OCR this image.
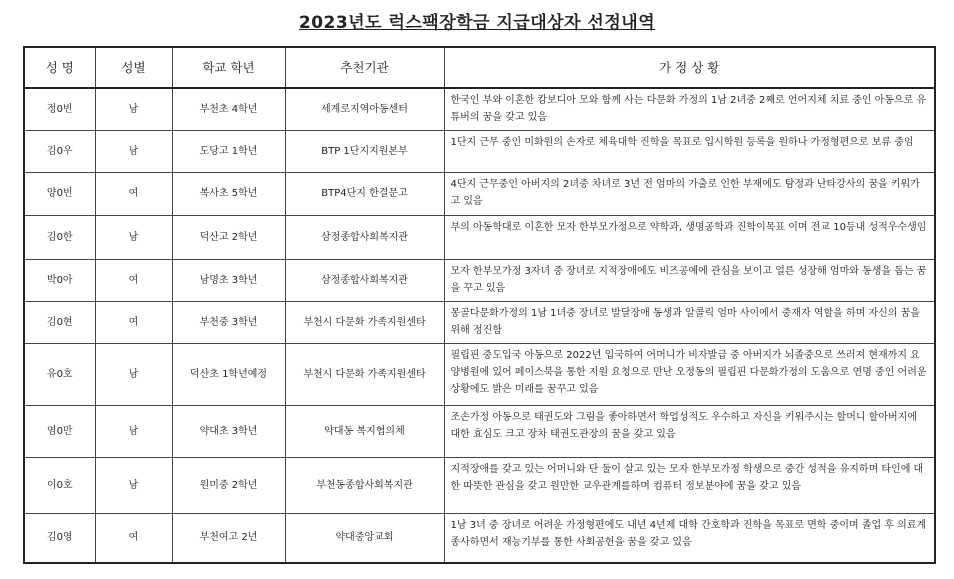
2023년도 럭스팩장학금 지급대상자 선정내역
성 명	성별	학교 학년	추천기관	가 정 상 황
정0빈	남	부천초 4학년	세계로지역아동센터	한국인 부와 이혼한 캄보디아 모와 함께 사는 다문화 가정의 1남 2녀중 2째로 언어지체 치료 중인 아동으로 유튜버의 꿈을 갖고 있음
김0우	남	도당고 1학년	BTP 1단지지원본부	1단지 근무 중인 미화원의 손자로 체육대학 진학을 목표로 입시학원 등록을 원하나 가정형편으로 보류 중임
양0빈	여	복사초 5학년	BTP4단지 한결문고	4단지 근무중인 아버지의 2녀중 차녀로 3년 전 엄마의 가출로 인한 부재에도 탐정과 난타강사의 꿈을 키워가고 있음
김0한	남	덕산고 2학년	삼정종합사회복지관	부의 아동학대로 이혼한 모자 한부모가정으로 약학과, 생명공학과 진학이목표 이며 전교 10등내 성적우수생임
박0아	여	남명초 3학년	삼정종합사회복지관	모자 한부모가정 3자녀 중 장녀로 지적장애에도 비즈공예에 관심을 보이고 얼른 성장해 엄마와 동생을 돕는 꿈을 꾸고 있음
김0현	여	부천중 3학년	부천시 다문화 가족지원센타	몽골다문화가정의 1남 1녀중 장녀로 발달장애 동생과 알콜릭 엄마 사이에서 중재자 역할을 하며 자신의 꿈을 위해 정진함
유0호	남	덕산초 1학년예정	부천시 다문화 가족지원센타	필립핀 중도입국 아동으로 2022년 입국하여 어머니가 비자발급 중 아버지가 뇌졸중으로 쓰러져 현재까지 요양병원에 있어 페이스북을 통한 지원 요청으로 만난 오정동의 필립핀 다문화가정의 도움으로 연명 중인 어려운 상황에도 밝은 미래를 꿈꾸고 있음
염0만	남	약대초 3학년	약대동 복지협의체	조손가정 아동으로 태권도와 그림을 좋아하면서 학업성적도 우수하고 자신을 키워주시는 할머니 할아버지에 대한 효심도 크고 장차 태권도관장의 꿈을 갖고 있음
이0호	남	원미중 2학년	부천동종합사회복지관	지적장애를 갖고 있는 어머니와 단 둘이 살고 있는 모자 한부모가정 학생으로 중간 성적을 유지하며 타인에 대한 따뜻한 관심을 갖고 원만한 교우관계를하며 컴퓨터 정보분야에 꿈을 갖고 있음
김0영	여	부천여고 2년	약대중앙교회	1남 3녀 중 장녀로 어려운 가정형편에도 내년 4년제 대학 간호학과 진학을 목표로 면학 중이며 졸업 후 의료계 종사하면서 재능기부를 통한 사회공헌을 꿈을 갖고 있음
